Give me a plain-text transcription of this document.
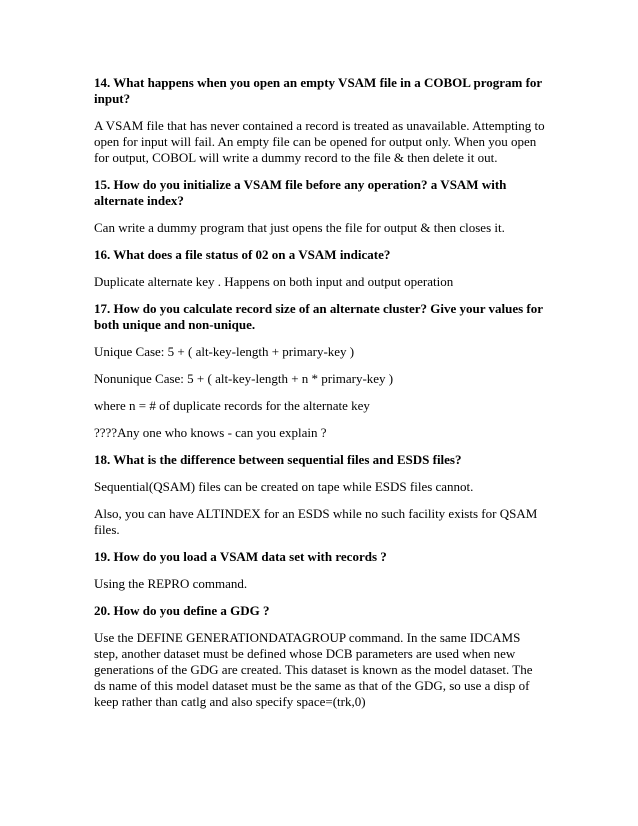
14. What happens when you open an empty VSAM file in a COBOL program for input?

A VSAM file that has never contained a record is treated as unavailable. Attempting to open for input will fail. An empty file can be opened for output only. When you open for output, COBOL will write a dummy record to the file & then delete it out.

15. How do you initialize a VSAM file before any operation? a VSAM with alternate index?

Can write a dummy program that just opens the file for output & then closes it.

16. What does a file status of 02 on a VSAM indicate?

Duplicate alternate key . Happens on both input and output operation

17. How do you calculate record size of an alternate cluster? Give your values for both unique and non-unique.

Unique Case: 5 + ( alt-key-length + primary-key )

Nonunique Case: 5 + ( alt-key-length + n * primary-key )

where n = # of duplicate records for the alternate key

????Any one who knows - can you explain ?

18. What is the difference between sequential files and ESDS files?

Sequential(QSAM) files can be created on tape while ESDS files cannot.

Also, you can have ALTINDEX for an ESDS while no such facility exists for QSAM files.

19. How do you load a VSAM data set with records ?

Using the REPRO command.

20. How do you define a GDG ?

Use the DEFINE GENERATIONDATAGROUP command. In the same IDCAMS step, another dataset must be defined whose DCB parameters are used when new generations of the GDG are created. This dataset is known as the model dataset. The ds name of this model dataset must be the same as that of the GDG, so use a disp of keep rather than catlg and also specify space=(trk,0)
